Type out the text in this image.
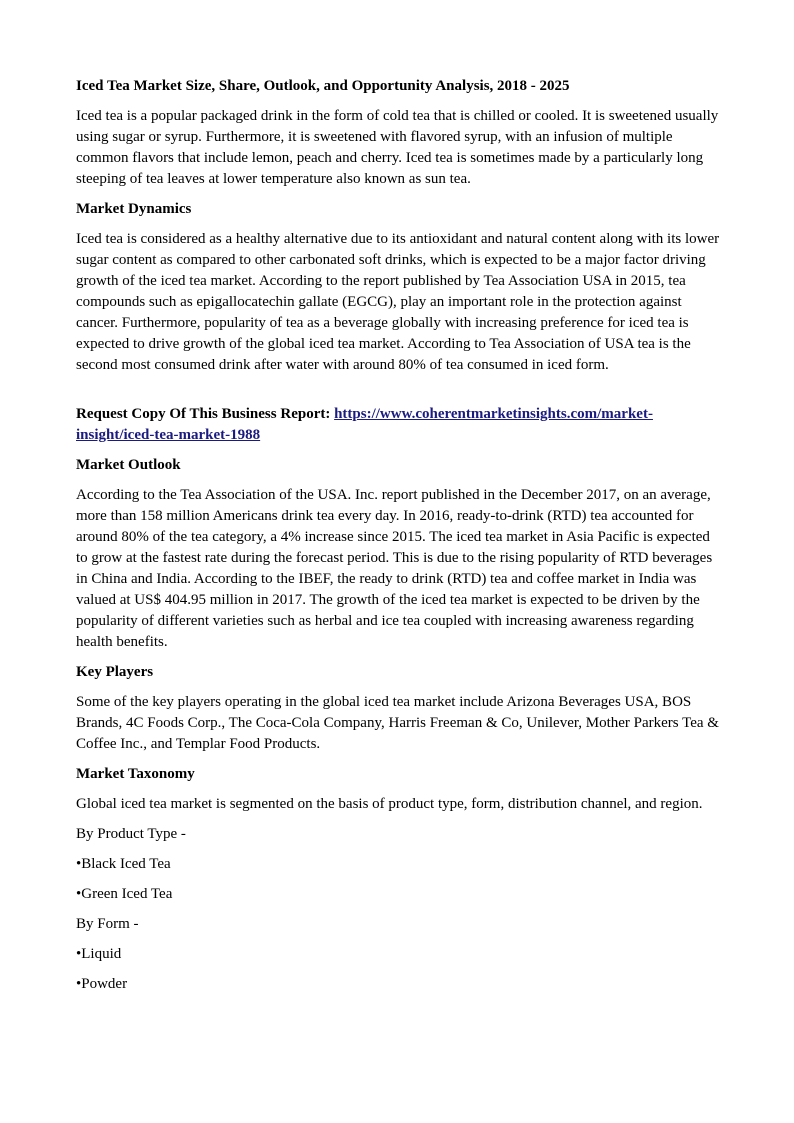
Iced Tea Market Size, Share, Outlook, and Opportunity Analysis, 2018 - 2025

Iced tea is a popular packaged drink in the form of cold tea that is chilled or cooled. It is sweetened usually using sugar or syrup. Furthermore, it is sweetened with flavored syrup, with an infusion of multiple common flavors that include lemon, peach and cherry. Iced tea is sometimes made by a particularly long steeping of tea leaves at lower temperature also known as sun tea.

Market Dynamics

Iced tea is considered as a healthy alternative due to its antioxidant and natural content along with its lower sugar content as compared to other carbonated soft drinks, which is expected to be a major factor driving growth of the iced tea market. According to the report published by Tea Association USA in 2015, tea compounds such as epigallocatechin gallate (EGCG), play an important role in the protection against cancer. Furthermore, popularity of tea as a beverage globally with increasing preference for iced tea is expected to drive growth of the global iced tea market. According to Tea Association of USA tea is the second most consumed drink after water with around 80% of tea consumed in iced form.

Request Copy Of This Business Report: https://www.coherentmarketinsights.com/market-insight/iced-tea-market-1988

Market Outlook

According to the Tea Association of the USA. Inc. report published in the December 2017, on an average, more than 158 million Americans drink tea every day. In 2016, ready-to-drink (RTD) tea accounted for around 80% of the tea category, a 4% increase since 2015. The iced tea market in Asia Pacific is expected to grow at the fastest rate during the forecast period. This is due to the rising popularity of RTD beverages in China and India. According to the IBEF, the ready to drink (RTD) tea and coffee market in India was valued at US$ 404.95 million in 2017. The growth of the iced tea market is expected to be driven by the popularity of different varieties such as herbal and ice tea coupled with increasing awareness regarding health benefits.

Key Players

Some of the key players operating in the global iced tea market include Arizona Beverages USA, BOS Brands, 4C Foods Corp., The Coca-Cola Company, Harris Freeman & Co, Unilever, Mother Parkers Tea & Coffee Inc., and Templar Food Products.

Market Taxonomy

Global iced tea market is segmented on the basis of product type, form, distribution channel, and region.

By Product Type -

•Black Iced Tea

•Green Iced Tea

By Form -

•Liquid

•Powder
